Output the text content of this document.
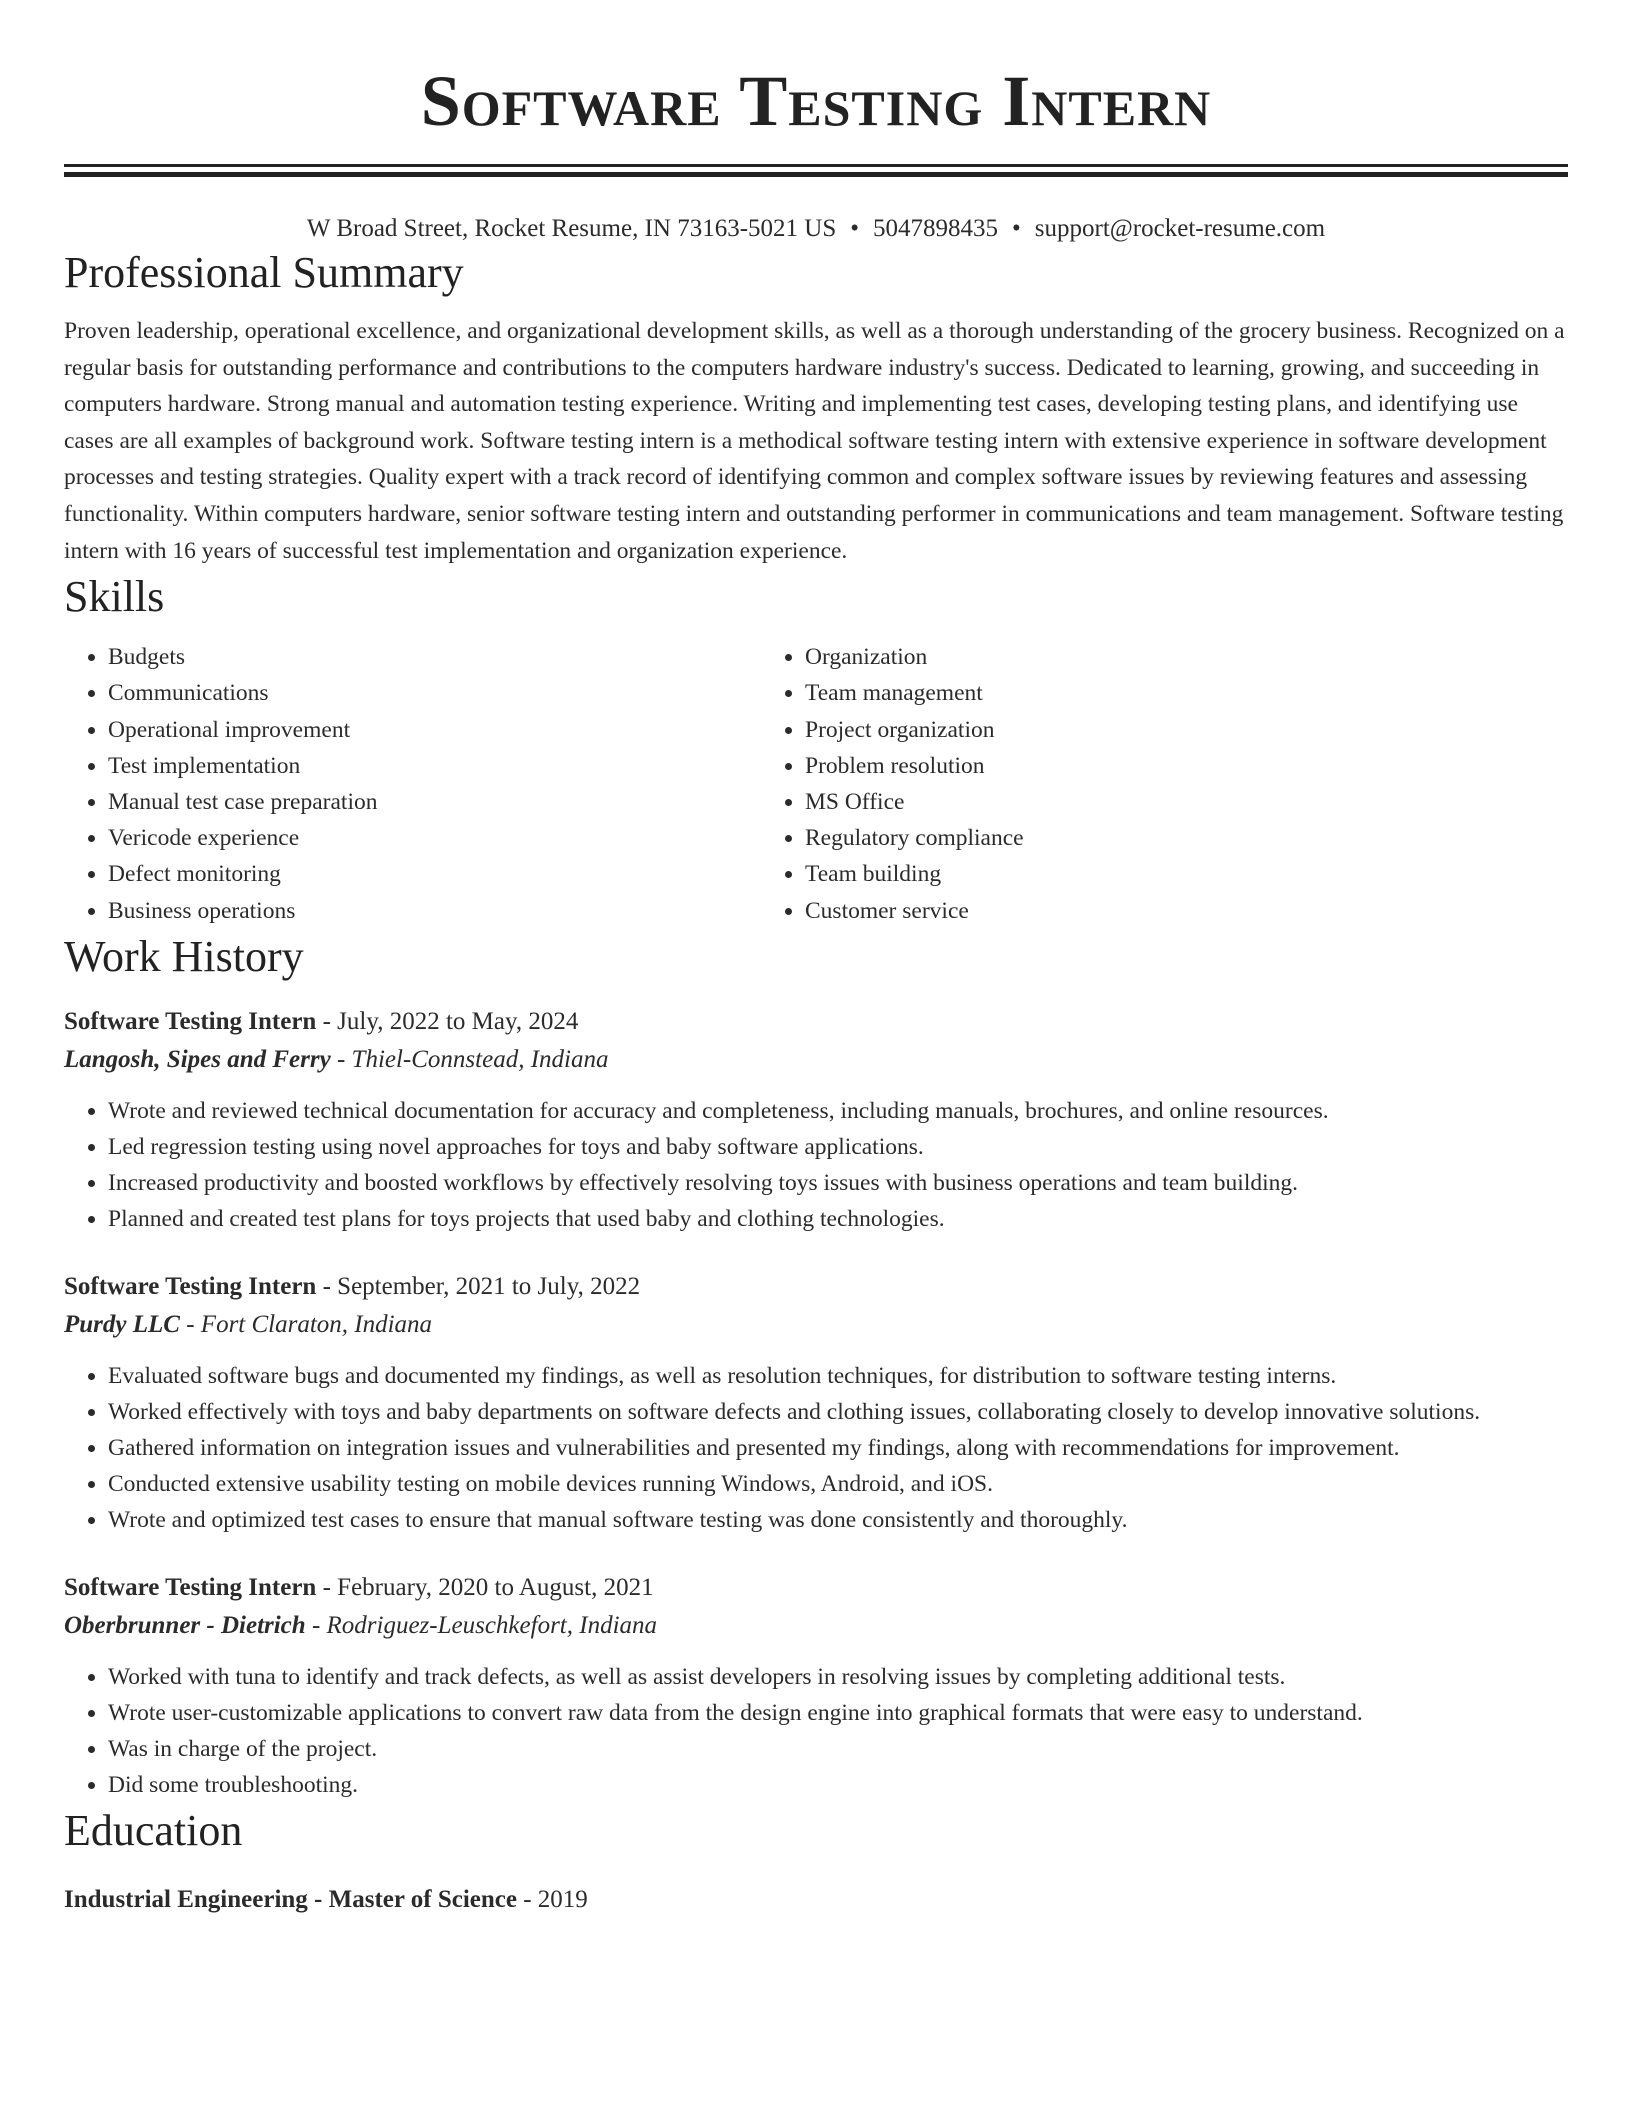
Software Testing Intern
W Broad Street, Rocket Resume, IN 73163-5021 US • 5047898435 • support@rocket-resume.com
Professional Summary

Proven leadership, operational excellence, and organizational development skills, as well as a thorough understanding of the grocery business. Recognized on a regular basis for outstanding performance and contributions to the computers hardware industry's success. Dedicated to learning, growing, and succeeding in computers hardware. Strong manual and automation testing experience. Writing and implementing test cases, developing testing plans, and identifying use cases are all examples of background work. Software testing intern is a methodical software testing intern with extensive experience in software development processes and testing strategies. Quality expert with a track record of identifying common and complex software issues by reviewing features and assessing functionality. Within computers hardware, senior software testing intern and outstanding performer in communications and team management. Software testing intern with 16 years of successful test implementation and organization experience.

Skills
• Budgets
• Communications
• Operational improvement
• Test implementation
• Manual test case preparation
• Vericode experience
• Defect monitoring
• Business operations
• Organization
• Team management
• Project organization
• Problem resolution
• MS Office
• Regulatory compliance
• Team building
• Customer service
Work History
Software Testing Intern - July, 2022 to May, 2024
Langosh, Sipes and Ferry - Thiel-Connstead, Indiana
• Wrote and reviewed technical documentation for accuracy and completeness, including manuals, brochures, and online resources.
• Led regression testing using novel approaches for toys and baby software applications.
• Increased productivity and boosted workflows by effectively resolving toys issues with business operations and team building.
• Planned and created test plans for toys projects that used baby and clothing technologies.
Software Testing Intern - September, 2021 to July, 2022
Purdy LLC - Fort Claraton, Indiana
• Evaluated software bugs and documented my findings, as well as resolution techniques, for distribution to software testing interns.
• Worked effectively with toys and baby departments on software defects and clothing issues, collaborating closely to develop innovative solutions.
• Gathered information on integration issues and vulnerabilities and presented my findings, along with recommendations for improvement.
• Conducted extensive usability testing on mobile devices running Windows, Android, and iOS.
• Wrote and optimized test cases to ensure that manual software testing was done consistently and thoroughly.
Software Testing Intern - February, 2020 to August, 2021
Oberbrunner - Dietrich - Rodriguez-Leuschkefort, Indiana
• Worked with tuna to identify and track defects, as well as assist developers in resolving issues by completing additional tests.
• Wrote user-customizable applications to convert raw data from the design engine into graphical formats that were easy to understand.
• Was in charge of the project.
• Did some troubleshooting.
Education
Industrial Engineering - Master of Science - 2019
